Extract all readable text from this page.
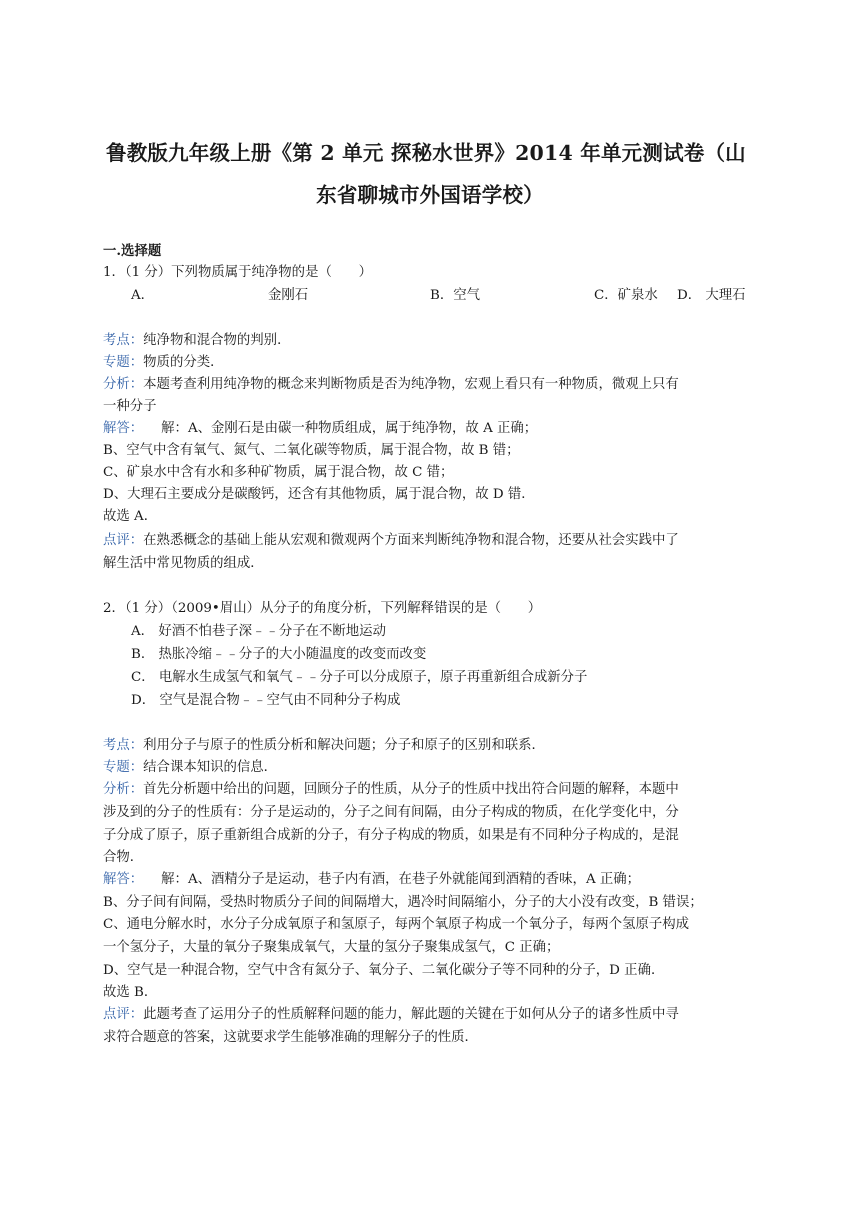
鲁教版九年级上册《第 2 单元 探秘水世界》2014 年单元测试卷（山
东省聊城市外国语学校）
一.选择题
1．（1 分）下列物质属于纯净物的是（　　）
A．	金刚石	B．空气	C．矿泉水 D． 大理石
考点：纯净物和混合物的判别．
专题：物质的分类．
分析：本题考查利用纯净物的概念来判断物质是否为纯净物，宏观上看只有一种物质，微观上只有
一种分子
解答： 解：A、金刚石是由碳一种物质组成，属于纯净物，故 A 正确；
B、空气中含有氧气、氮气、二氧化碳等物质，属于混合物，故 B 错；
C、矿泉水中含有水和多种矿物质，属于混合物，故 C 错；
D、大理石主要成分是碳酸钙，还含有其他物质，属于混合物，故 D 错．
故选 A．
点评：在熟悉概念的基础上能从宏观和微观两个方面来判断纯净物和混合物，还要从社会实践中了
解生活中常见物质的组成．
2．（1 分）（2009•眉山）从分子的角度分析，下列解释错误的是（　　）
A． 好酒不怕巷子深﹣﹣分子在不断地运动
B． 热胀冷缩﹣﹣分子的大小随温度的改变而改变
C． 电解水生成氢气和氧气﹣﹣分子可以分成原子，原子再重新组合成新分子
D． 空气是混合物﹣﹣空气由不同种分子构成
考点：利用分子与原子的性质分析和解决问题；分子和原子的区别和联系．
专题：结合课本知识的信息．
分析：首先分析题中给出的问题，回顾分子的性质，从分子的性质中找出符合问题的解释，本题中
涉及到的分子的性质有：分子是运动的，分子之间有间隔，由分子构成的物质，在化学变化中，分
子分成了原子，原子重新组合成新的分子，有分子构成的物质，如果是有不同种分子构成的，是混
合物．
解答： 解：A、酒精分子是运动，巷子内有酒，在巷子外就能闻到酒精的香味，A 正确；
B、分子间有间隔，受热时物质分子间的间隔增大，遇冷时间隔缩小，分子的大小没有改变，B 错误；
C、通电分解水时，水分子分成氧原子和氢原子，每两个氧原子构成一个氧分子，每两个氢原子构成
一个氢分子，大量的氧分子聚集成氧气，大量的氢分子聚集成氢气，C 正确；
D、空气是一种混合物，空气中含有氮分子、氧分子、二氧化碳分子等不同种的分子，D 正确．
故选 B．
点评：此题考查了运用分子的性质解释问题的能力，解此题的关键在于如何从分子的诸多性质中寻
求符合题意的答案，这就要求学生能够准确的理解分子的性质．
